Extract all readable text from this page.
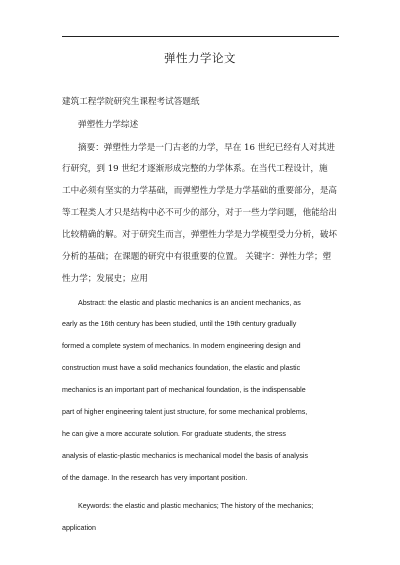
弹性力学论文
建筑工程学院研究生课程考试答题纸
弹塑性力学综述
摘要：弹塑性力学是一门古老的力学，早在 16 世纪已经有人对其进
行研究，到 19 世纪才逐渐形成完整的力学体系。在当代工程设计，施
工中必须有坚实的力学基础，而弹塑性力学是力学基础的重要部分，是高
等工程类人才只是结构中必不可少的部分，对于一些力学问题，他能给出
比较精确的解。对于研究生而言，弹塑性力学是力学模型受力分析，破坏
分析的基础；在课题的研究中有很重要的位置。 关键字：弹性力学；塑
性力学；发展史；应用
Abstract: the elastic and plastic mechanics is an ancient mechanics, as
early as the 16th century has been studied, until the 19th century gradually
formed a complete system of mechanics. In modern engineering design and
construction must have a solid mechanics foundation, the elastic and plastic
mechanics is an important part of mechanical foundation, is the indispensable
part of higher engineering talent just structure, for some mechanical problems,
he can give a more accurate solution. For graduate students, the stress
analysis of elastic-plastic mechanics is mechanical model the basis of analysis
of the damage. In the research has very important position.
Keywords: the elastic and plastic mechanics; The history of the mechanics;
application
